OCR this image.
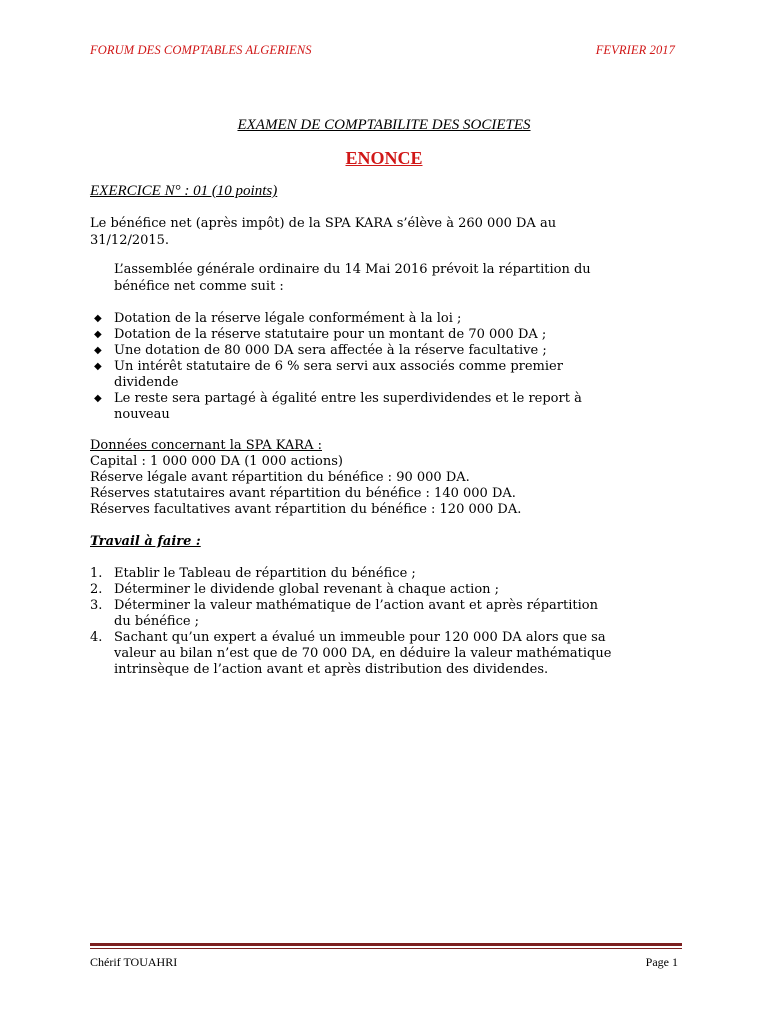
FORUM DES COMPTABLES ALGERIENS	FEVRIER 2017
EXAMEN DE COMPTABILITE DES SOCIETES
ENONCE
EXERCICE N° : 01 (10 points)
Le bénéfice net (après impôt) de la SPA KARA s’élève à 260 000 DA au
31/12/2015.
L’assemblée générale ordinaire du 14 Mai 2016 prévoit la répartition du
bénéfice net comme suit :
◆ Dotation de la réserve légale conformément à la loi ;
◆ Dotation de la réserve statutaire pour un montant de 70 000 DA ;
◆ Une dotation de 80 000 DA sera affectée à la réserve facultative ;
◆ Un intérêt statutaire de 6 % sera servi aux associés comme premier
dividende
◆ Le reste sera partagé à égalité entre les superdividendes et le report à
nouveau
Données concernant la SPA KARA :
Capital : 1 000 000 DA (1 000 actions)
Réserve légale avant répartition du bénéfice : 90 000 DA.
Réserves statutaires avant répartition du bénéfice : 140 000 DA.
Réserves facultatives avant répartition du bénéfice : 120 000 DA.
Travail à faire :
1. Etablir le Tableau de répartition du bénéfice ;
2. Déterminer le dividende global revenant à chaque action ;
3. Déterminer la valeur mathématique de l’action avant et après répartition
du bénéfice ;
4. Sachant qu’un expert a évalué un immeuble pour 120 000 DA alors que sa
valeur au bilan n’est que de 70 000 DA, en déduire la valeur mathématique
intrinsèque de l’action avant et après distribution des dividendes.
Chérif TOUAHRI	Page 1
